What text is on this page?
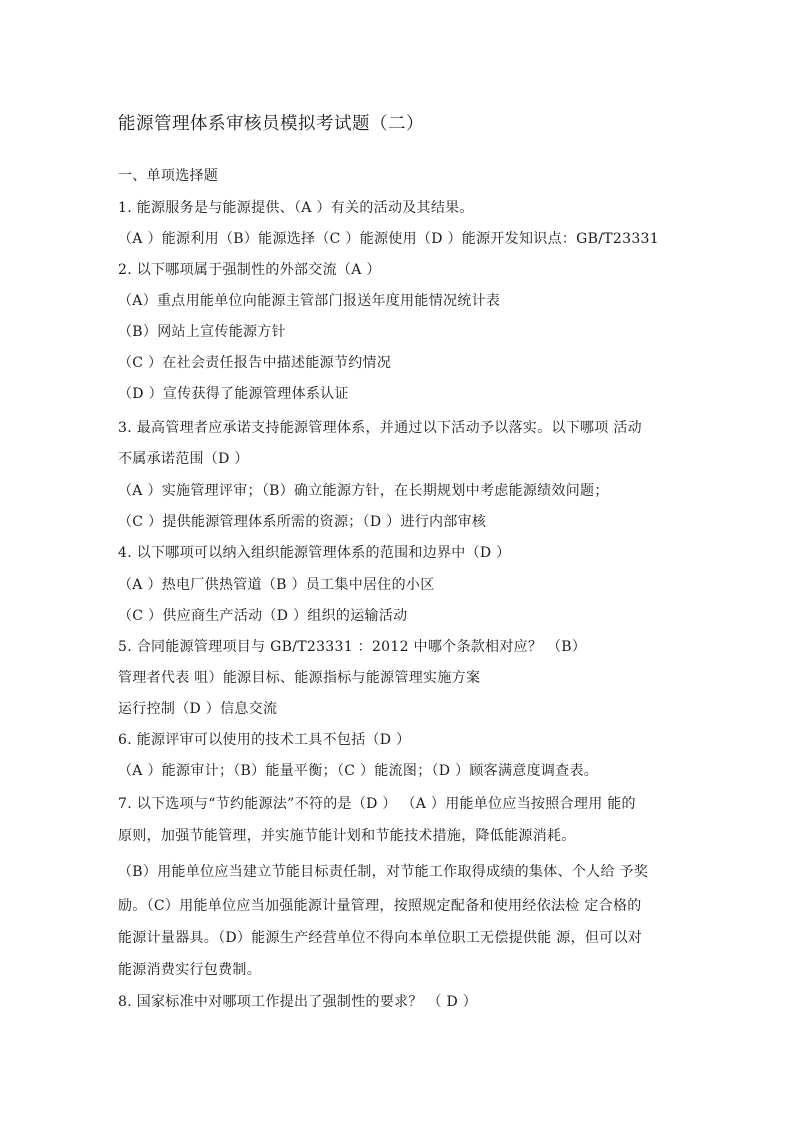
能源管理体系审核员模拟考试题（二）
一、单项选择题
1. 能源服务是与能源提供、（A ）有关的活动及其结果。
（A ）能源利用（B）能源选择（C ）能源使用（D ）能源开发知识点：GB/T23331
2. 以下哪项属于强制性的外部交流（A ）
（A）重点用能单位向能源主管部门报送年度用能情况统计表
（B）网站上宣传能源方针
（C ）在社会责任报告中描述能源节约情况
（D ）宣传获得了能源管理体系认证
3. 最高管理者应承诺支持能源管理体系，并通过以下活动予以落实。以下哪项 活动
不属承诺范围（D ）
（A ）实施管理评审；（B）确立能源方针，在长期规划中考虑能源绩效问题；
（C ）提供能源管理体系所需的资源；（D ）进行内部审核
4. 以下哪项可以纳入组织能源管理体系的范围和边界中（D ）
（A ）热电厂供热管道（B ）员工集中居住的小区
（C ）供应商生产活动（D ）组织的运输活动
5. 合同能源管理项目与 GB/T23331 ：2012 中哪个条款相对应？ （B）
管理者代表 咀）能源目标、能源指标与能源管理实施方案
运行控制（D ）信息交流
6. 能源评审可以使用的技术工具不包括（D ）
（A ）能源审计；（B）能量平衡；（C ）能流图；（D ）顾客满意度调查表。
7. 以下选项与“节约能源法”不符的是（D ） （A ）用能单位应当按照合理用 能的
原则，加强节能管理，并实施节能计划和节能技术措施，降低能源消耗。
（B）用能单位应当建立节能目标责任制，对节能工作取得成绩的集体、个人给 予奖
励。（C）用能单位应当加强能源计量管理，按照规定配备和使用经依法检 定合格的
能源计量器具。（D）能源生产经营单位不得向本单位职工无偿提供能 源，但可以对
能源消费实行包费制。
8. 国家标准中对哪项工作提出了强制性的要求？ （ D ）
